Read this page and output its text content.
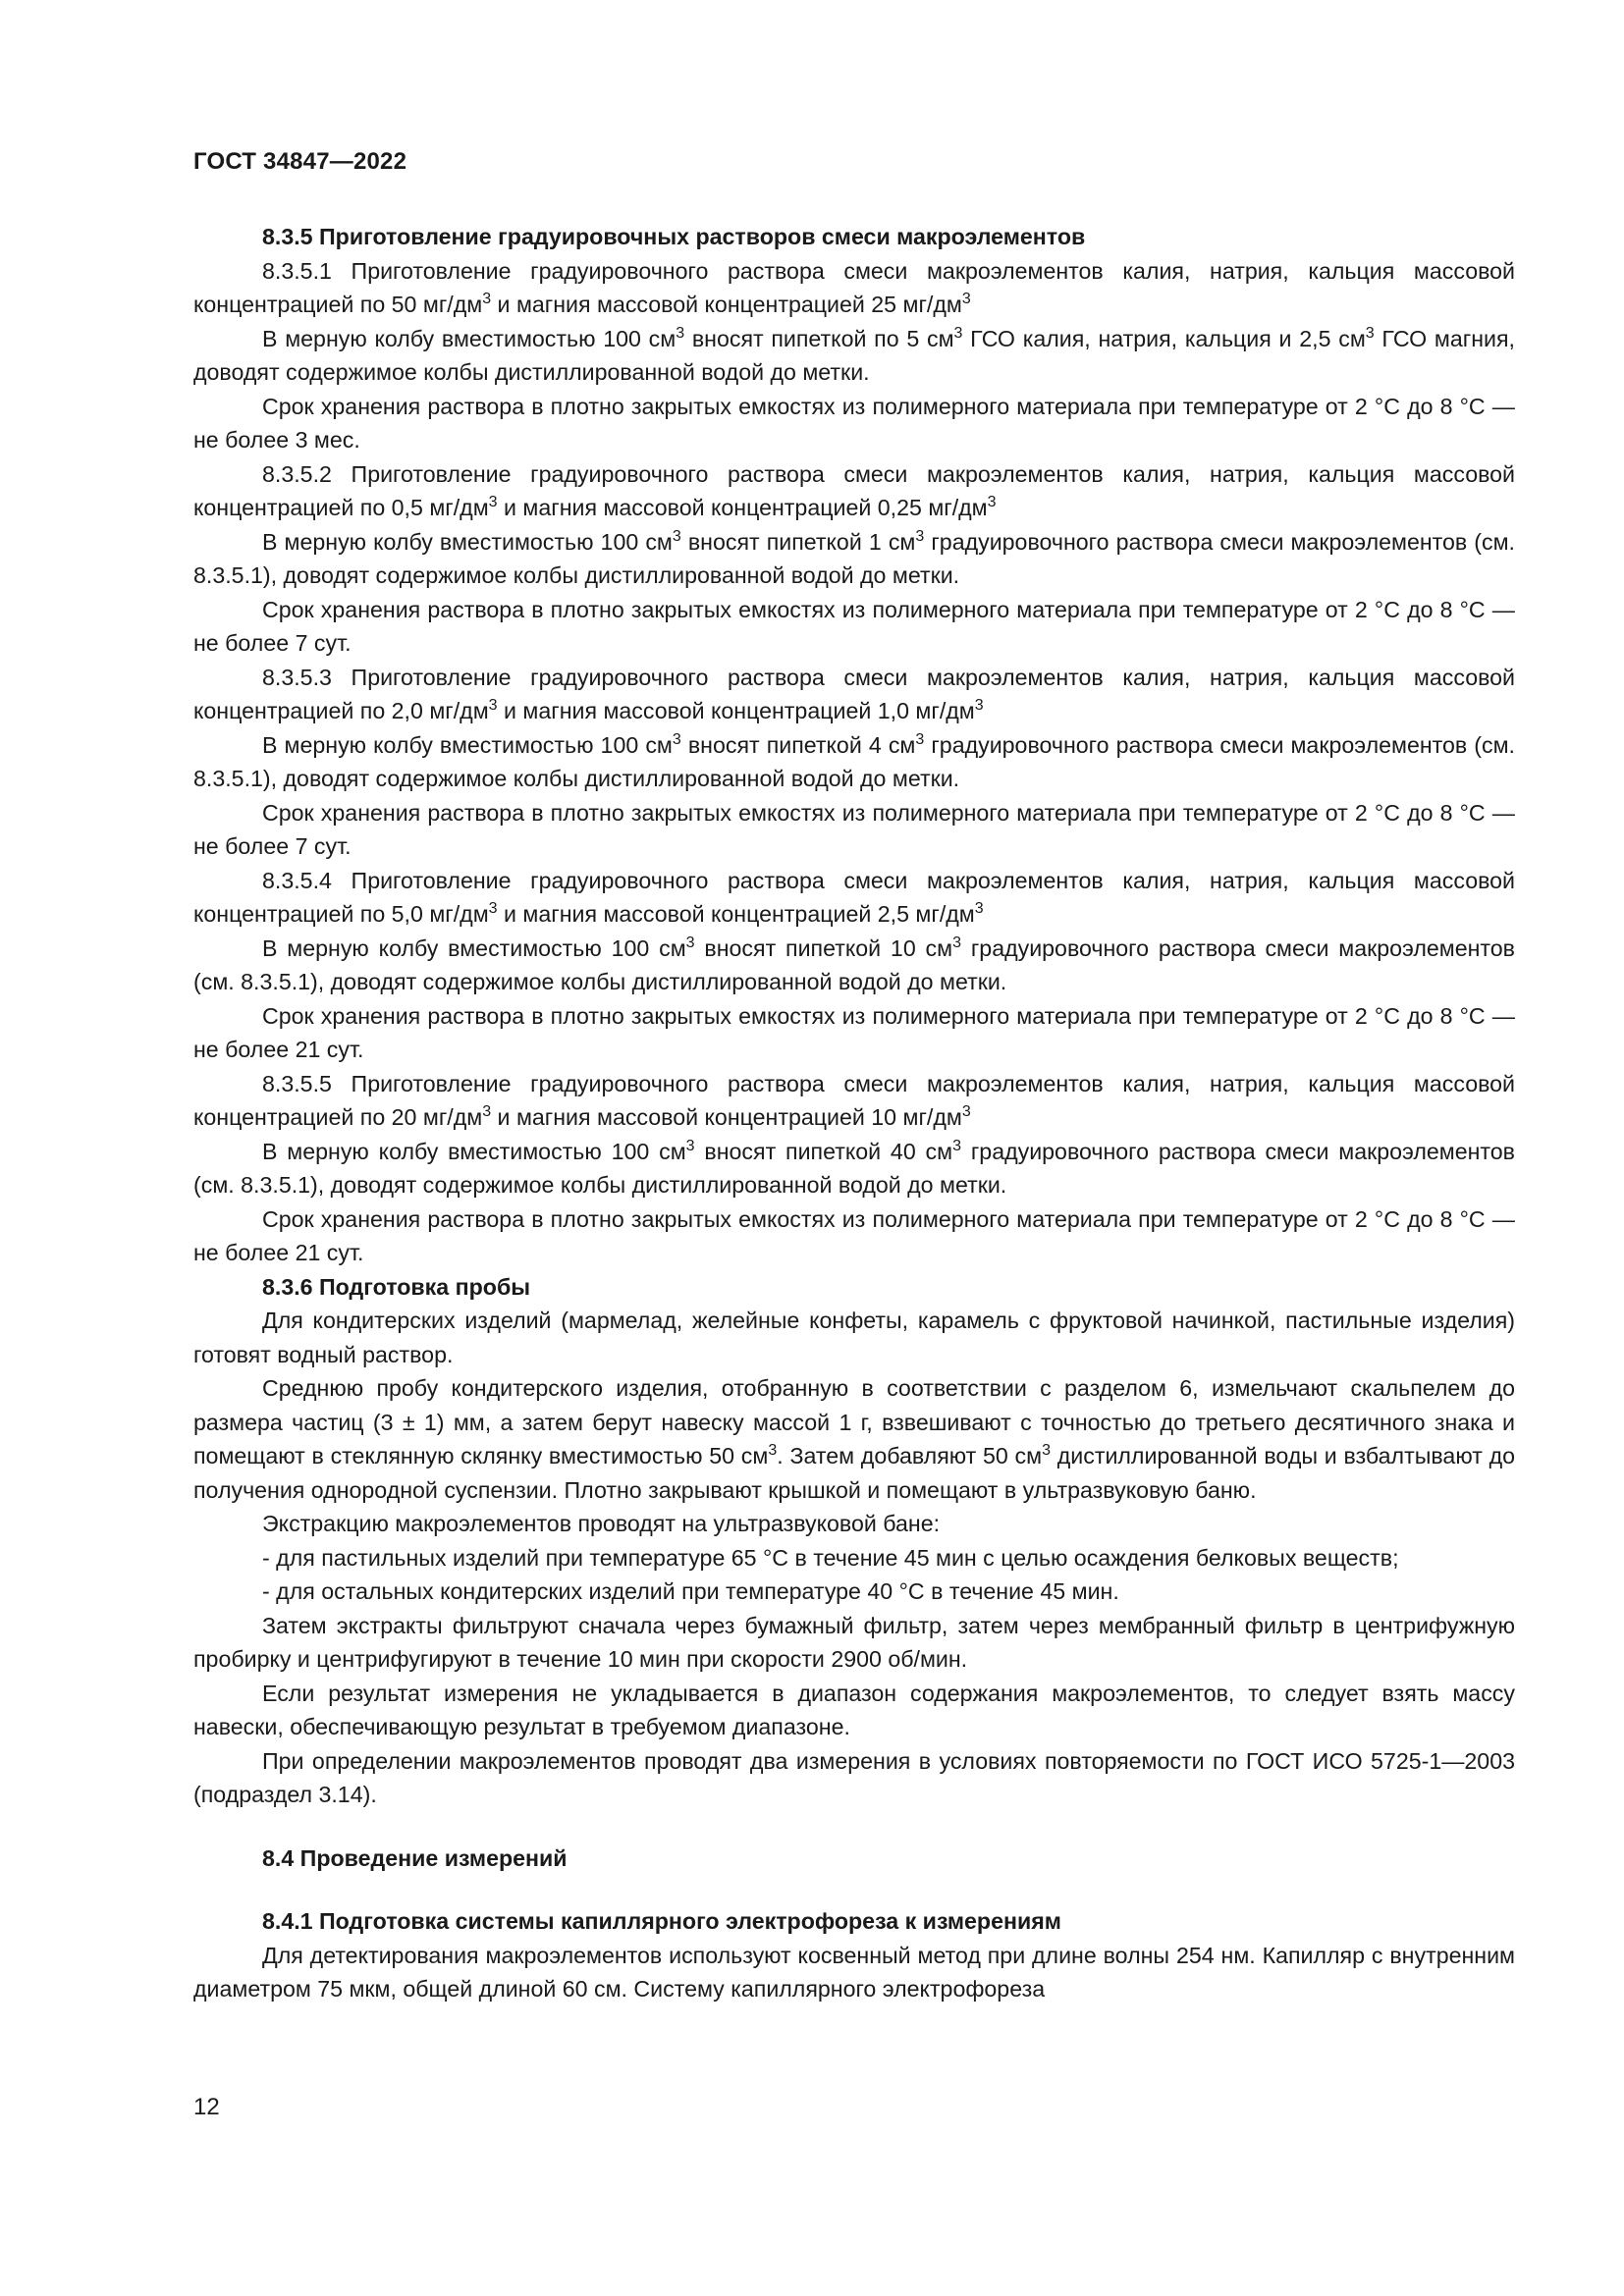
ГОСТ 34847—2022

8.3.5 Приготовление градуировочных растворов смеси макроэлементов

8.3.5.1 Приготовление градуировочного раствора смеси макроэлементов калия, натрия, кальция массовой концентрацией по 50 $мг/дм^3$ и магния массовой концентрацией 25 $мг/дм^3$

В мерную колбу вместимостью 100 $см^3$ вносят пипеткой по 5 $см^3$ ГСО калия, натрия, кальция и 2,5 $см^3$ ГСО магния, доводят содержимое колбы дистиллированной водой до метки.

Срок хранения раствора в плотно закрытых емкостях из полимерного материала при температуре от 2 °С до 8 °С — не более 3 мес.

8.3.5.2 Приготовление градуировочного раствора смеси макроэлементов калия, натрия, кальция массовой концентрацией по 0,5 $мг/дм^3$ и магния массовой концентрацией 0,25 $мг/дм^3$

В мерную колбу вместимостью 100 $см^3$ вносят пипеткой 1 $см^3$ градуировочного раствора смеси макроэлементов (см. 8.3.5.1), доводят содержимое колбы дистиллированной водой до метки.

Срок хранения раствора в плотно закрытых емкостях из полимерного материала при температуре от 2 °С до 8 °С — не более 7 сут.

8.3.5.3 Приготовление градуировочного раствора смеси макроэлементов калия, натрия, кальция массовой концентрацией по 2,0 $мг/дм^3$ и магния массовой концентрацией 1,0 $мг/дм^3$

В мерную колбу вместимостью 100 $см^3$ вносят пипеткой 4 $см^3$ градуировочного раствора смеси макроэлементов (см. 8.3.5.1), доводят содержимое колбы дистиллированной водой до метки.

Срок хранения раствора в плотно закрытых емкостях из полимерного материала при температуре от 2 °С до 8 °С — не более 7 сут.

8.3.5.4 Приготовление градуировочного раствора смеси макроэлементов калия, натрия, кальция массовой концентрацией по 5,0 $мг/дм^3$ и магния массовой концентрацией 2,5 $мг/дм^3$

В мерную колбу вместимостью 100 $см^3$ вносят пипеткой 10 $см^3$ градуировочного раствора смеси макроэлементов (см. 8.3.5.1), доводят содержимое колбы дистиллированной водой до метки.

Срок хранения раствора в плотно закрытых емкостях из полимерного материала при температуре от 2 °С до 8 °С — не более 21 сут.

8.3.5.5 Приготовление градуировочного раствора смеси макроэлементов калия, натрия, кальция массовой концентрацией по 20 $мг/дм^3$ и магния массовой концентрацией 10 $мг/дм^3$

В мерную колбу вместимостью 100 $см^3$ вносят пипеткой 40 $см^3$ градуировочного раствора смеси макроэлементов (см. 8.3.5.1), доводят содержимое колбы дистиллированной водой до метки.

Срок хранения раствора в плотно закрытых емкостях из полимерного материала при температуре от 2 °С до 8 °С — не более 21 сут.

8.3.6 Подготовка пробы

Для кондитерских изделий (мармелад, желейные конфеты, карамель с фруктовой начинкой, пастильные изделия) готовят водный раствор.

Среднюю пробу кондитерского изделия, отобранную в соответствии с разделом 6, измельчают скальпелем до размера частиц (3 ± 1) мм, а затем берут навеску массой 1 г, взвешивают с точностью до третьего десятичного знака и помещают в стеклянную склянку вместимостью 50 $см^3$. Затем добавляют 50 $см^3$ дистиллированной воды и взбалтывают до получения однородной суспензии. Плотно закрывают крышкой и помещают в ультразвуковую баню.

Экстракцию макроэлементов проводят на ультразвуковой бане:

- для пастильных изделий при температуре 65 °С в течение 45 мин с целью осаждения белковых веществ;

- для остальных кондитерских изделий при температуре 40 °С в течение 45 мин.

Затем экстракты фильтруют сначала через бумажный фильтр, затем через мембранный фильтр в центрифужную пробирку и центрифугируют в течение 10 мин при скорости 2900 об/мин.

Если результат измерения не укладывается в диапазон содержания макроэлементов, то следует взять массу навески, обеспечивающую результат в требуемом диапазоне.

При определении макроэлементов проводят два измерения в условиях повторяемости по ГОСТ ИСО 5725-1—2003 (подраздел 3.14).

8.4 Проведение измерений

8.4.1 Подготовка системы капиллярного электрофореза к измерениям

Для детектирования макроэлементов используют косвенный метод при длине волны 254 нм. Капилляр с внутренним диаметром 75 мкм, общей длиной 60 см. Систему капиллярного электрофореза

12
